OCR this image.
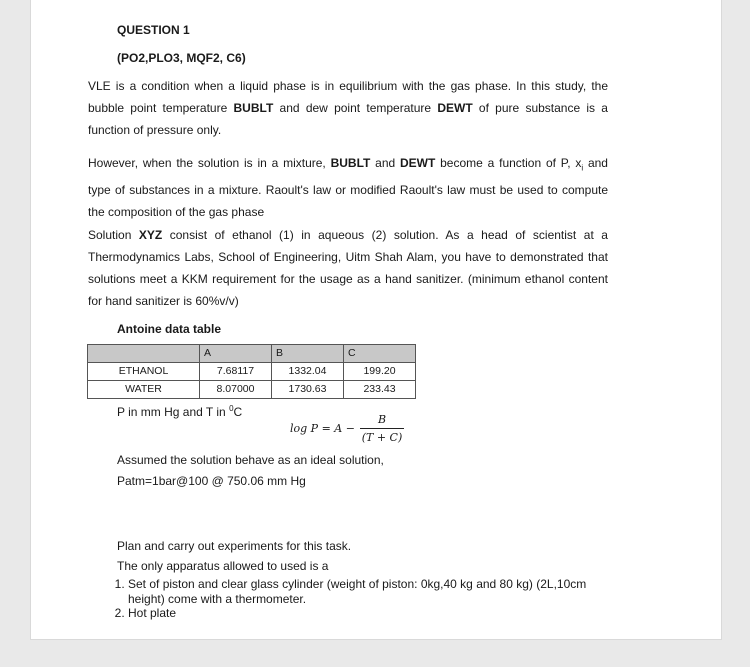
QUESTION 1
(PO2,PLO3, MQF2, C6)

VLE is a condition when a liquid phase is in equilibrium with the gas phase. In this study, the bubble point temperature BUBLT and dew point temperature DEWT of pure substance is a function of pressure only.

However, when the solution is in a mixture, BUBLT and DEWT become a function of P, $x_i$ and type of substances in a mixture. Raoult's law or modified Raoult's law must be used to compute the composition of the gas phase

Solution XYZ consist of ethanol (1) in aqueous (2) solution. As a head of scientist at a Thermodynamics Labs, School of Engineering, Uitm Shah Alam, you have to demonstrated that solutions meet a KKM requirement for the usage as a hand sanitizer. (minimum ethanol content for hand sanitizer is 60%v/v)

Antoine data table
	A	B	C
ETHANOL	7.68117	1332.04	199.20
WATER	8.07000	1730.63	233.43
P in mm Hg and T in $^0$C
log P = A −
B
(T + C)
Assumed the solution behave as an ideal solution,
Patm=1bar@100 @ 750.06 mm Hg
Plan and carry out experiments for this task.
The only apparatus allowed to used is a
1. Set of piston and clear glass cylinder (weight of piston: 0kg,40 kg and 80 kg) (2L,10cm height) come with a thermometer.
2. Hot plate
